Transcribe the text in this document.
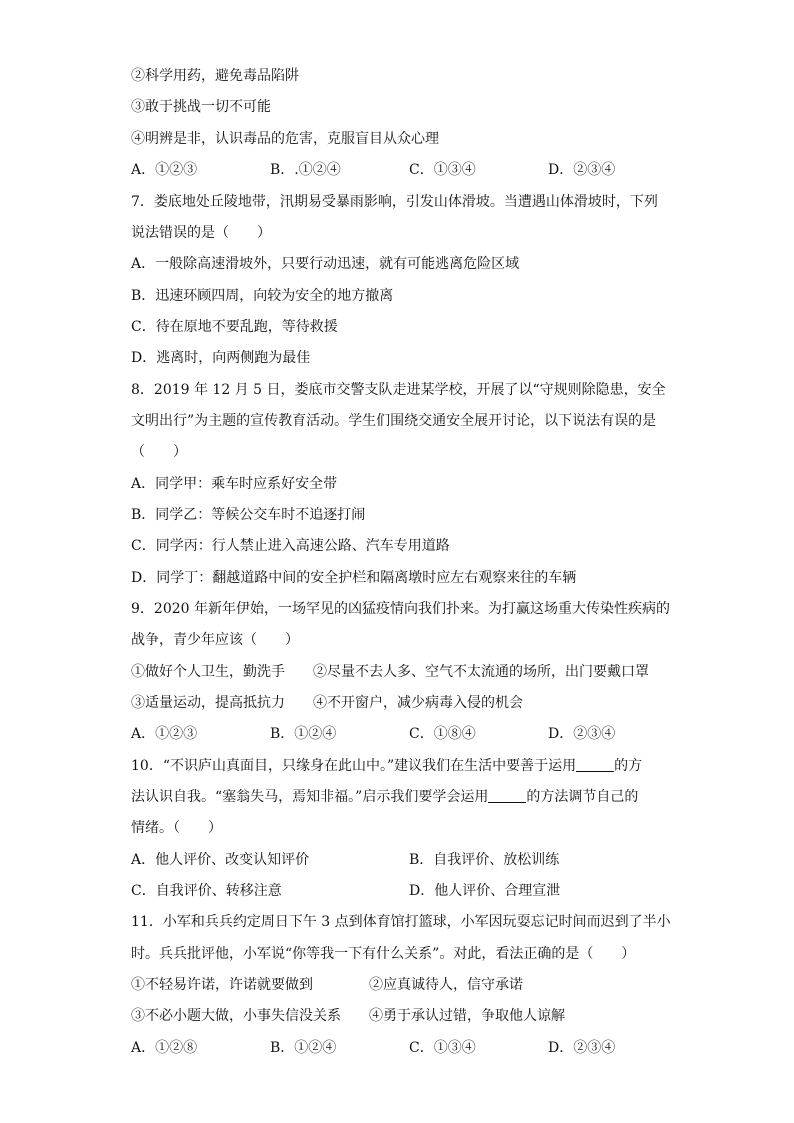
②科学用药，避免毒品陷阱
③敢于挑战一切不可能
④明辨是非，认识毒品的危害，克服盲目从众心理
A．①②③	B．.①②④	C．①③④	D．②③④
7．娄底地处丘陵地带，汛期易受暴雨影响，引发山体滑坡。当遭遇山体滑坡时，下列
说法错误的是（　　）
A．一般除高速滑坡外，只要行动迅速，就有可能逃离危险区域
B．迅速环顾四周，向较为安全的地方撤离
C．待在原地不要乱跑，等待救援
D．逃离时，向两侧跑为最佳
8．2019 年 12 月 5 日，娄底市交警支队走进某学校，开展了以“守规则除隐患，安全
文明出行”为主题的宣传教育活动。学生们围绕交通安全展开讨论，以下说法有误的是
（　　）
A．同学甲：乘车时应系好安全带
B．同学乙：等候公交车时不追逐打闹
C．同学丙：行人禁止进入高速公路、汽车专用道路
D．同学丁：翻越道路中间的安全护栏和隔离墩时应左右观察来往的车辆
9．2020 年新年伊始，一场罕见的凶猛疫情向我们扑来。为打赢这场重大传染性疾病的
战争，青少年应该（　　）
①做好个人卫生，勤洗手　　②尽量不去人多、空气不太流通的场所，出门要戴口罩
③适量运动，提高抵抗力　　④不开窗户，减少病毒入侵的机会
A．①②③	B．①②④	C．①⑧④	D．②③④
10．“不识庐山真面目，只缘身在此山中。”建议我们在生活中要善于运用	的方
法认识自我。“塞翁失马，焉知非福。”启示我们要学会运用	的方法调节自己的
情绪。（　　）
A．他人评价、改变认知评价	B．自我评价、放松训练
C．自我评价、转移注意	D．他人评价、合理宣泄
11．小军和兵兵约定周日下午 3 点到体育馆打篮球，小军因玩耍忘记时间而迟到了半小
时。兵兵批评他，小军说“你等我一下有什么关系”。对此，看法正确的是（　　）
①不轻易许诺，许诺就要做到　　　　②应真诚待人，信守承诺
③不必小题大做，小事失信没关系　　④勇于承认过错，争取他人谅解
A．①②⑧	B．①②④	C．①③④	D．②③④
